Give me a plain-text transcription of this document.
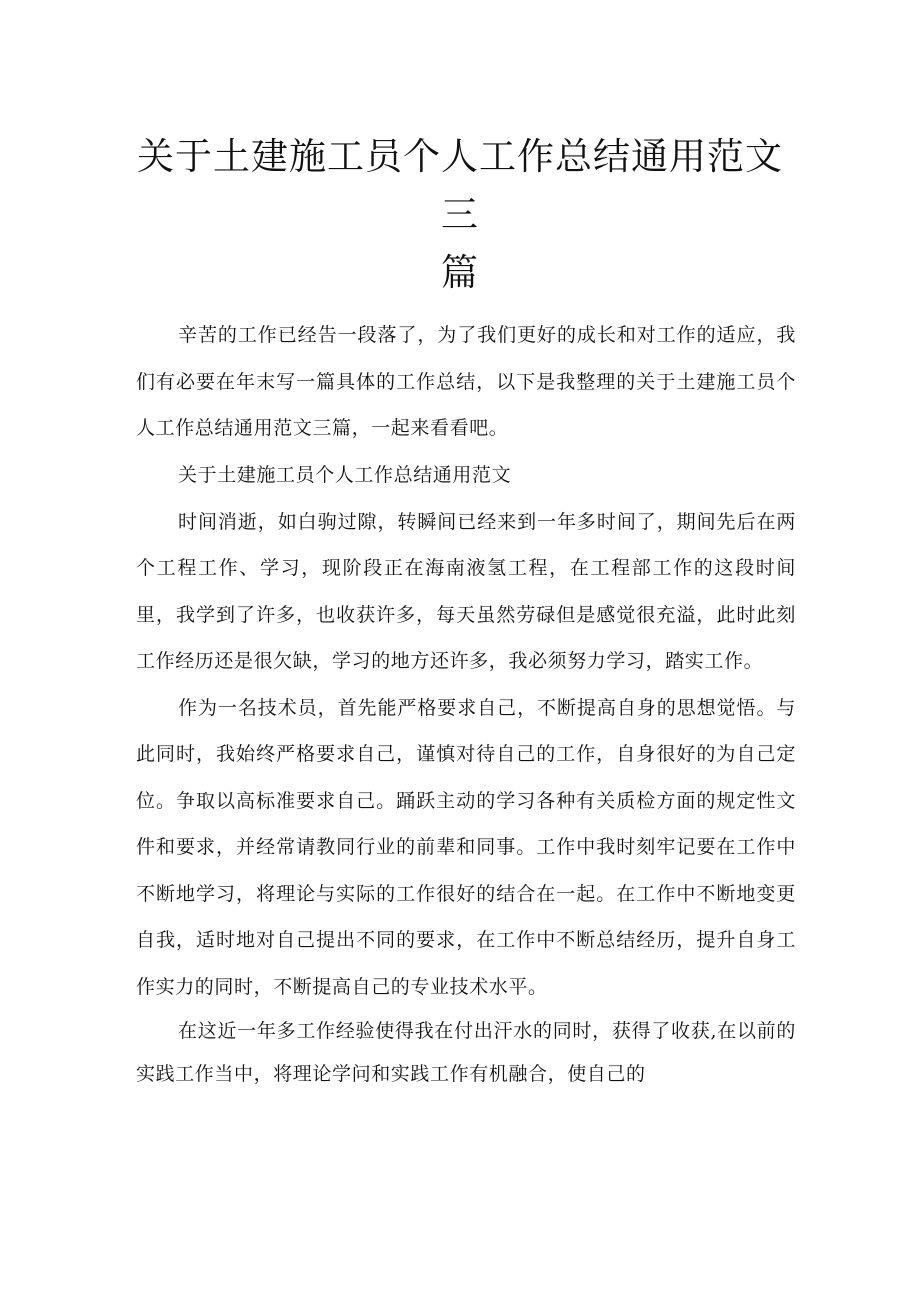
关于土建施工员个人工作总结通用范文三
篇

辛苦的工作已经告一段落了，为了我们更好的成长和对工作的适应，我们有必要在年末写一篇具体的工作总结，以下是我整理的关于土建施工员个人工作总结通用范文三篇，一起来看看吧。

关于土建施工员个人工作总结通用范文

时间消逝，如白驹过隙，转瞬间已经来到一年多时间了，期间先后在两个工程工作、学习，现阶段正在海南液氢工程，在工程部工作的这段时间里，我学到了许多，也收获许多，每天虽然劳碌但是感觉很充溢，此时此刻工作经历还是很欠缺，学习的地方还许多，我必须努力学习，踏实工作。

作为一名技术员，首先能严格要求自己，不断提高自身的思想觉悟。与此同时，我始终严格要求自己，谨慎对待自己的工作，自身很好的为自己定位。争取以高标准要求自己。踊跃主动的学习各种有关质检方面的规定性文件和要求，并经常请教同行业的前辈和同事。工作中我时刻牢记要在工作中不断地学习，将理论与实际的工作很好的结合在一起。在工作中不断地变更自我，适时地对自己提出不同的要求，在工作中不断总结经历，提升自身工作实力的同时，不断提高自己的专业技术水平。

在这近一年多工作经验使得我在付出汗水的同时，获得了收获,在以前的实践工作当中，将理论学问和实践工作有机融合，使自己的
